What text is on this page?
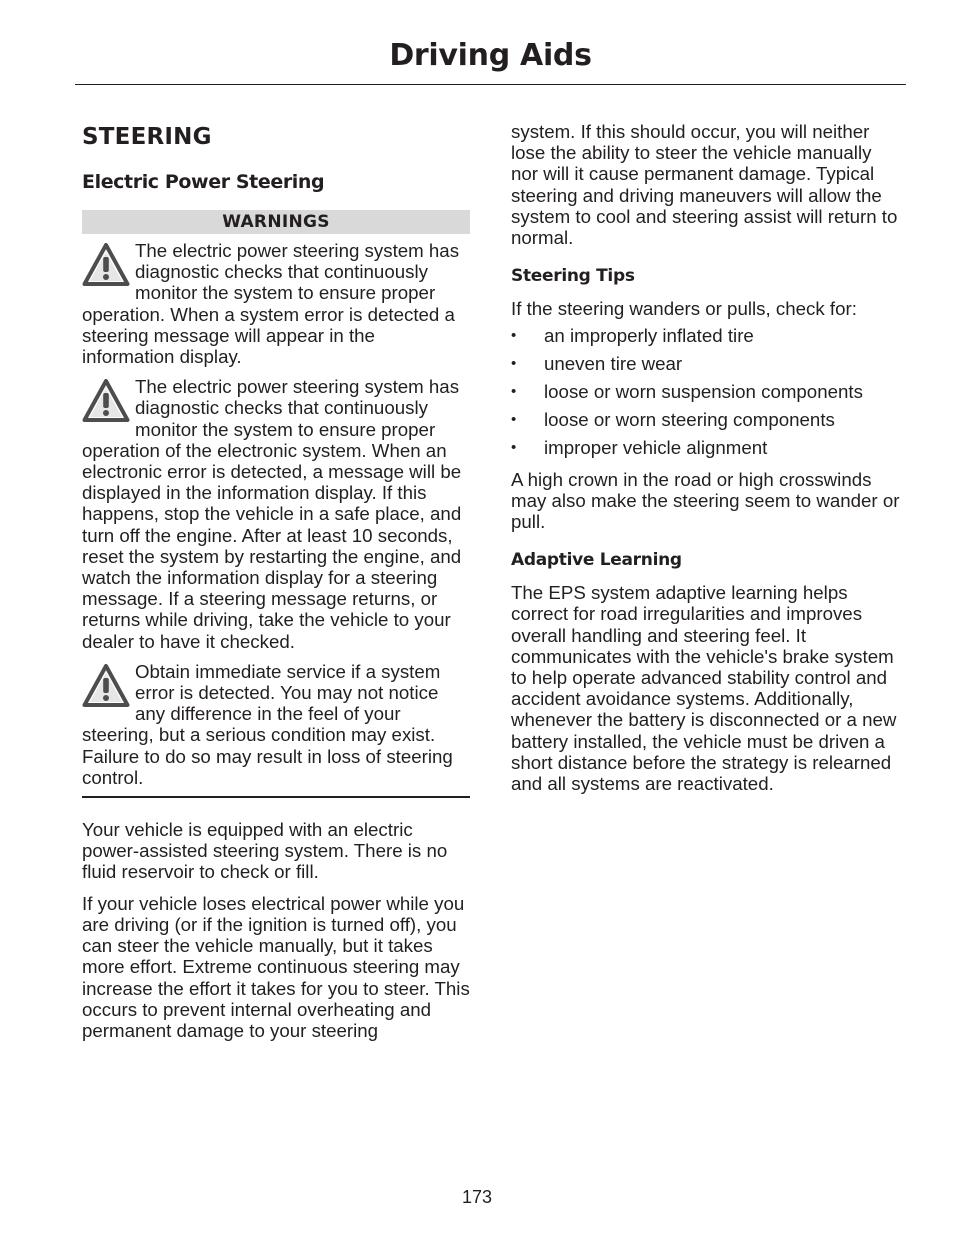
Driving Aids
STEERING
Electric Power Steering
WARNINGS

The electric power steering system has diagnostic checks that continuously monitor the system to ensure proper operation. When a system error is detected a steering message will appear in the information display.

The electric power steering system has diagnostic checks that continuously monitor the system to ensure proper operation of the electronic system. When an electronic error is detected, a message will be displayed in the information display. If this happens, stop the vehicle in a safe place, and turn off the engine. After at least 10 seconds, reset the system by restarting the engine, and watch the information display for a steering message. If a steering message returns, or returns while driving, take the vehicle to your dealer to have it checked.

Obtain immediate service if a system error is detected. You may not notice any difference in the feel of your steering, but a serious condition may exist. Failure to do so may result in loss of steering control.

Your vehicle is equipped with an electric power-assisted steering system. There is no fluid reservoir to check or fill.

If your vehicle loses electrical power while you are driving (or if the ignition is turned off), you can steer the vehicle manually, but it takes more effort. Extreme continuous steering may increase the effort it takes for you to steer. This occurs to prevent internal overheating and permanent damage to your steering

system. If this should occur, you will neither lose the ability to steer the vehicle manually nor will it cause permanent damage. Typical steering and driving maneuvers will allow the system to cool and steering assist will return to normal.

Steering Tips

If the steering wanders or pulls, check for:

• an improperly inflated tire
• uneven tire wear
• loose or worn suspension components
• loose or worn steering components
• improper vehicle alignment

A high crown in the road or high crosswinds may also make the steering seem to wander or pull.

Adaptive Learning

The EPS system adaptive learning helps correct for road irregularities and improves overall handling and steering feel. It communicates with the vehicle's brake system to help operate advanced stability control and accident avoidance systems. Additionally, whenever the battery is disconnected or a new battery installed, the vehicle must be driven a short distance before the strategy is relearned and all systems are reactivated.

173
